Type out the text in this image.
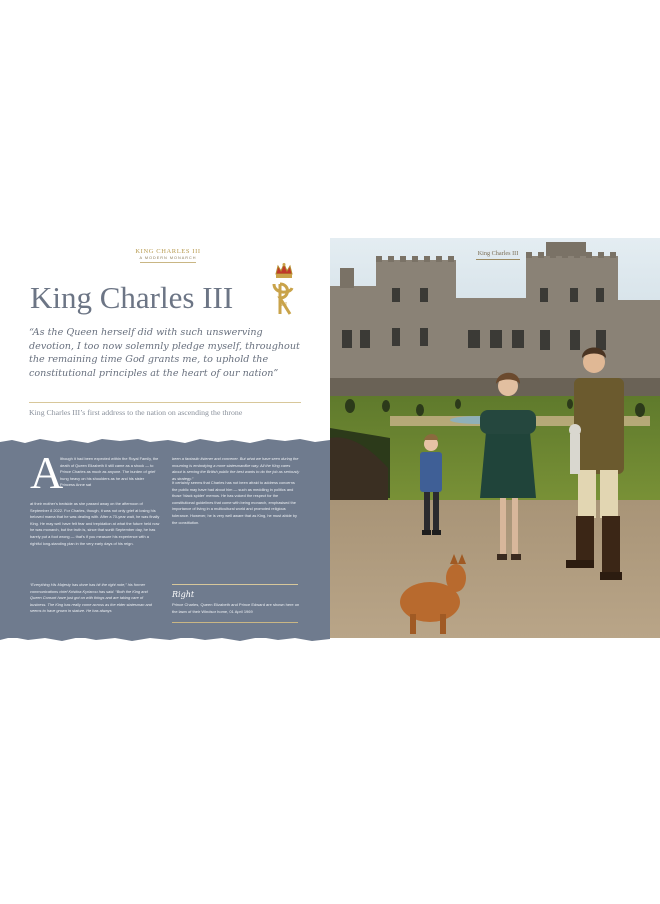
KING CHARLES III
A MODERN MONARCH
King Charles III	III

“As the Queen herself did with such unswerving devotion, I too now solemnly pledge myself, throughout the remaining time God grants me, to uphold the constitutional principles at the heart of our nation”

King Charles III’s first address to the nation on ascending the throne
A

lthough it had been expected within the Royal Family, the death of Queen Elizabeth II still came as a shock — to Prince Charles as much as anyone. The burden of grief hung heavy on his shoulders as he and his sister Princess Anne sat

at their mother’s bedside as she passed away on the afternoon of September 8 2022. For Charles, though, it was not only grief at losing his beloved mama that he was dealing with. After a 70-year wait, he was finally King. He may well have felt fear and trepidation at what the future held now he was monarch, but the truth is, since that sunlit September day, he has barely put a foot wrong — that’s if you measure his experience with a rightful long-standing plan in the very early days of his reign.

“Everything His Majesty has done has hit the right note,” his former communications chief Kristina Kyriacou has said. “Both the King and Queen Consort have just got on with things and are taking care of business. The King has really come across as the elder statesman and seems to have grown in stature. He has always

been a fantastic listener and convener. But what we have seen during the mourning is embodying a more statesmanlike way. All the King cares about is serving the British public the best wants to do the job as seriously as strategy.”

It certainly seems that Charles has not been afraid to address concerns the public may have had about him — such as meddling in politics and those ‘black spider’ memos. He has voiced the respect for the constitutional guidelines that come with being monarch, emphasised the importance of living in a multicultural world and promoted religious tolerance. However, he is very well aware that as King, he must abide by the constitution.

Right

Prince Charles, Queen Elizabeth and Prince Edward are shown here on the lawn of their Windsor home, 01 April 1969

King Charles III
